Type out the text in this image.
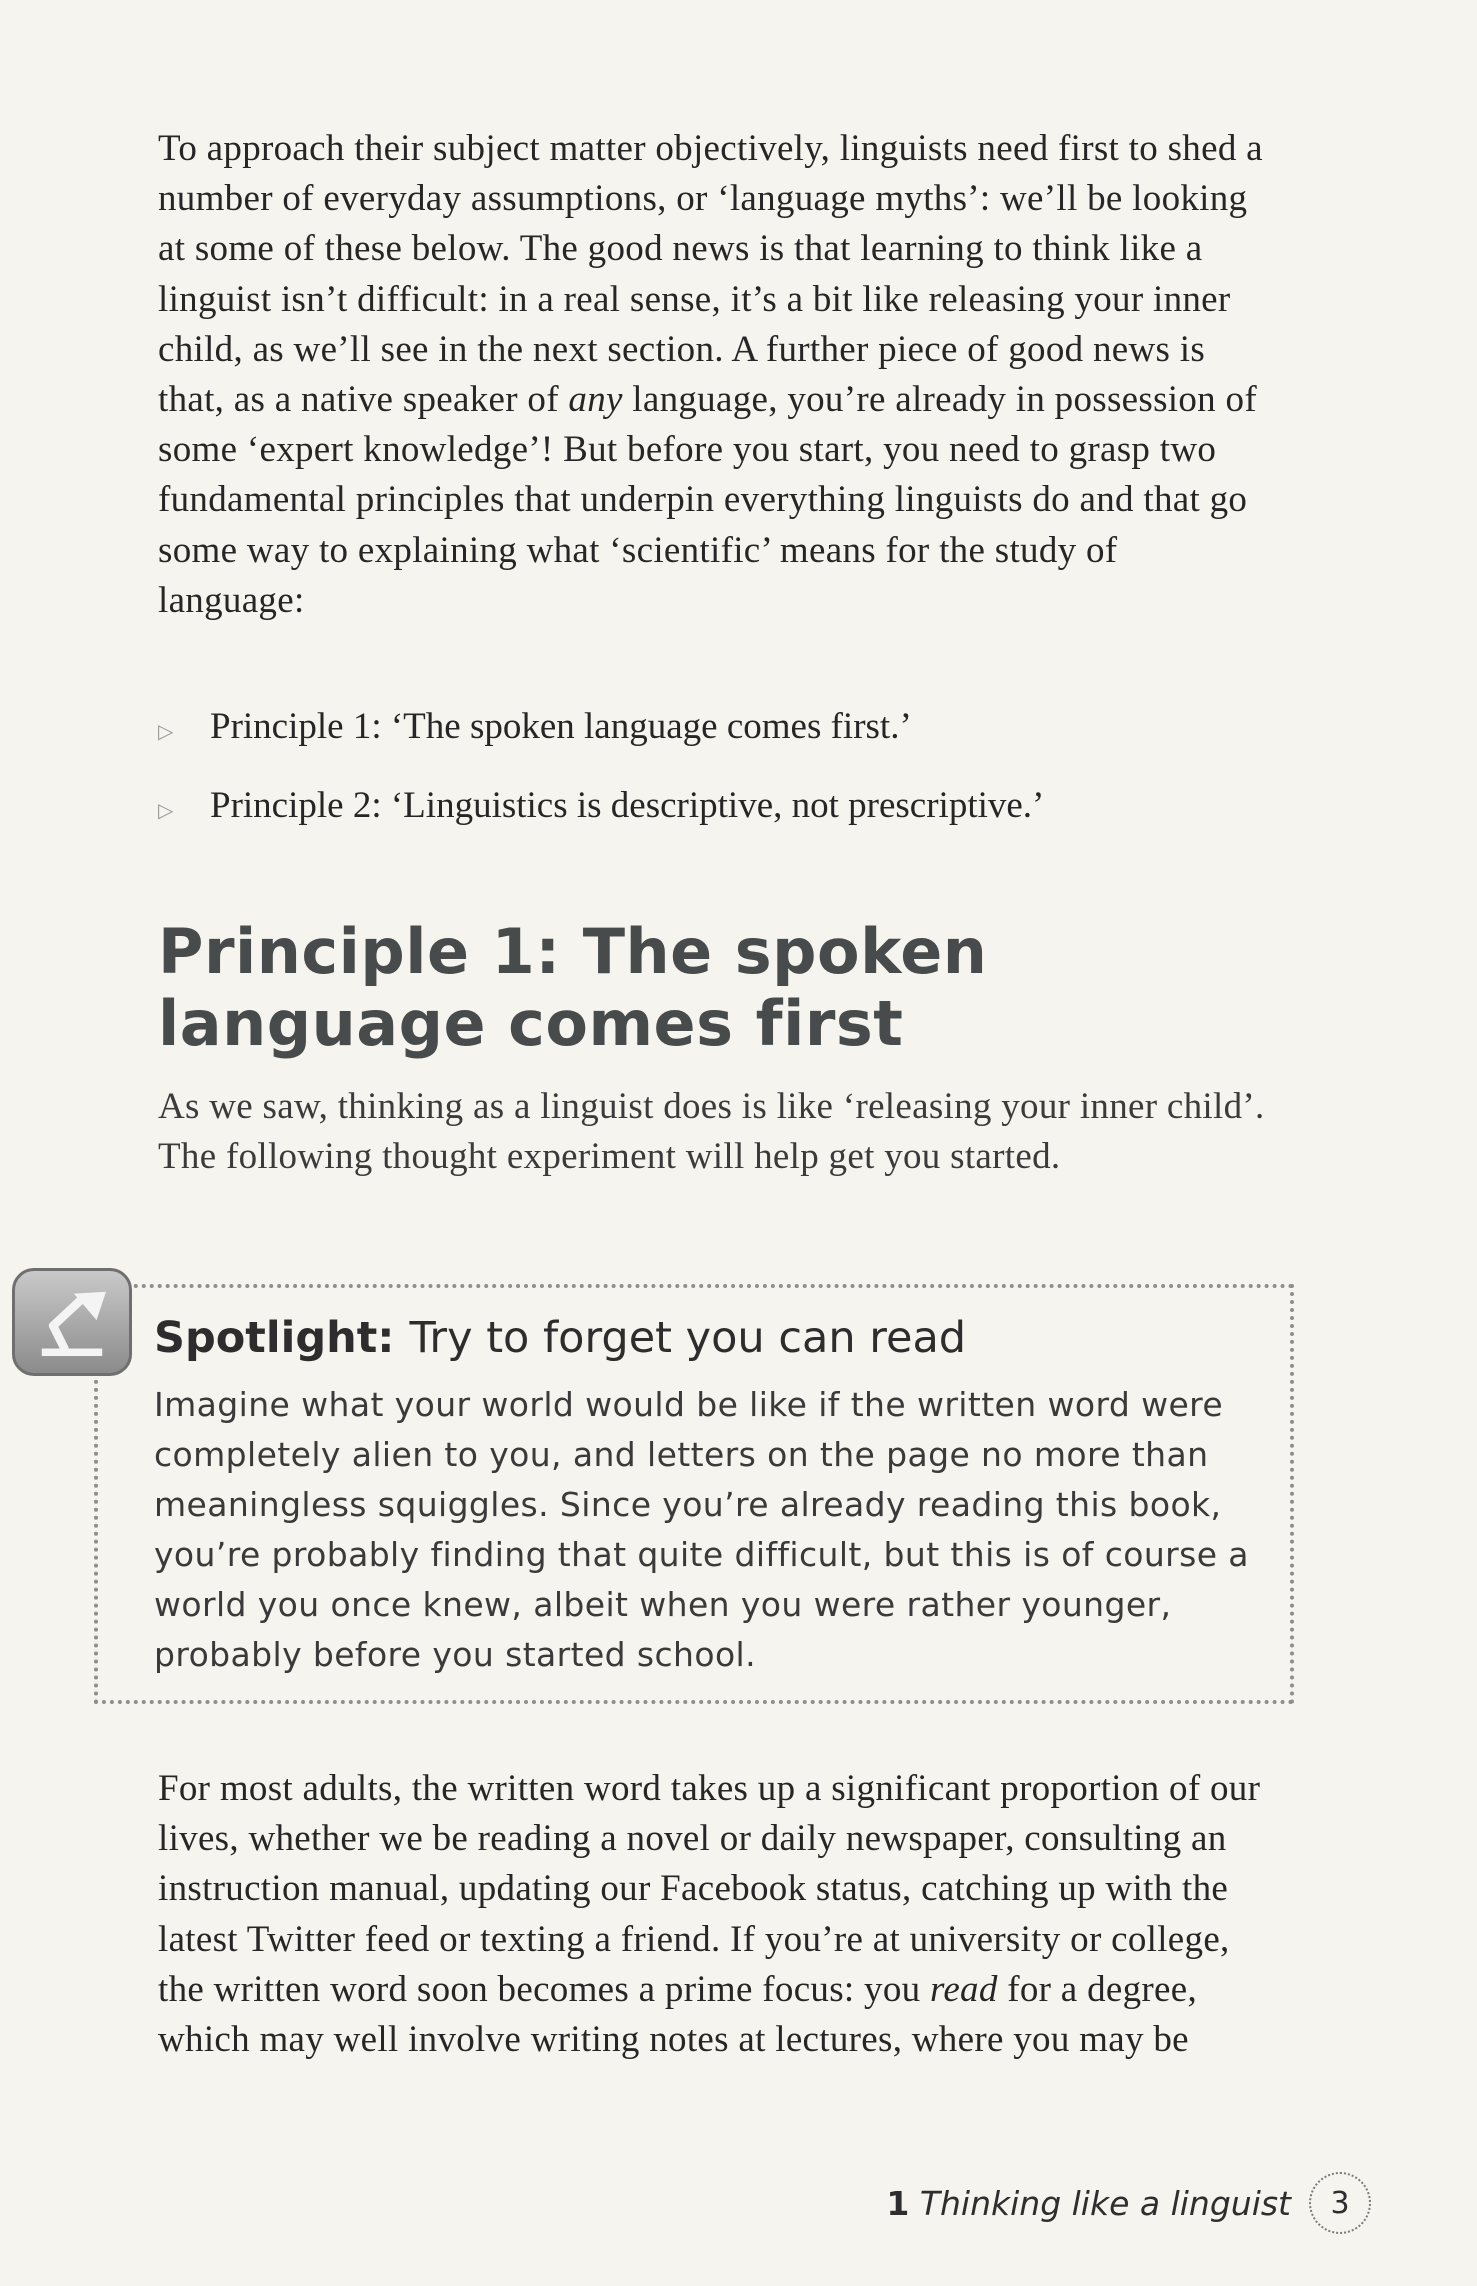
To approach their subject matter objectively, linguists need first to shed a number of everyday assumptions, or ‘language myths’: we’ll be looking at some of these below. The good news is that learning to think like a linguist isn’t difficult: in a real sense, it’s a bit like releasing your inner child, as we’ll see in the next section. A further piece of good news is that, as a native speaker of any language, you’re already in possession of some ‘expert knowledge’! But before you start, you need to grasp two fundamental principles that underpin everything linguists do and that go some way to explaining what ‘scientific’ means for the study of language:

▷ Principle 1: ‘The spoken language comes first.’
▷ Principle 2: ‘Linguistics is descriptive, not prescriptive.’
Principle 1: The spoken language comes first

As we saw, thinking as a linguist does is like ‘releasing your inner child’. The following thought experiment will help get you started.

Spotlight: Try to forget you can read

Imagine what your world would be like if the written word were completely alien to you, and letters on the page no more than meaningless squiggles. Since you’re already reading this book, you’re probably finding that quite difficult, but this is of course a world you once knew, albeit when you were rather younger, probably before you started school.

For most adults, the written word takes up a significant proportion of our lives, whether we be reading a novel or daily newspaper, consulting an instruction manual, updating our Facebook status, catching up with the latest Twitter feed or texting a friend. If you’re at university or college, the written word soon becomes a prime focus: you read for a degree, which may well involve writing notes at lectures, where you may be

1 Thinking like a linguist	3
